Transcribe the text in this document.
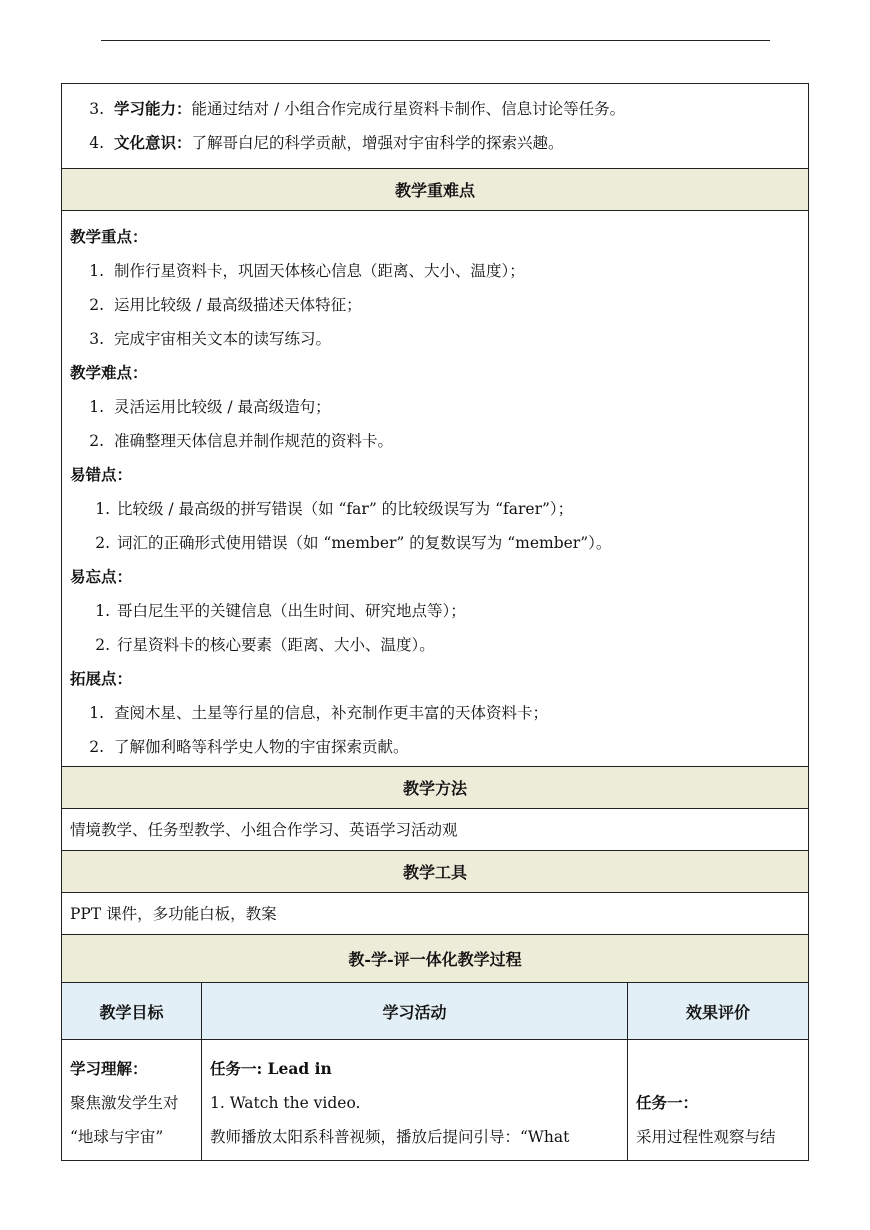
3. 学习能力：能通过结对 / 小组合作完成行星资料卡制作、信息讨论等任务。
4. 文化意识：了解哥白尼的科学贡献，增强对宇宙科学的探索兴趣。
教学重难点
教学重点：
1. 制作行星资料卡，巩固天体核心信息（距离、大小、温度）；
2. 运用比较级 / 最高级描述天体特征；
3. 完成宇宙相关文本的读写练习。
教学难点：
1. 灵活运用比较级 / 最高级造句；
2. 准确整理天体信息并制作规范的资料卡。
易错点：
1. 比较级 / 最高级的拼写错误（如 “far” 的比较级误写为 “farer”）；
2. 词汇的正确形式使用错误（如 “member” 的复数误写为 “member”）。
易忘点：
1. 哥白尼生平的关键信息（出生时间、研究地点等）；
2. 行星资料卡的核心要素（距离、大小、温度）。
拓展点：
1. 查阅木星、土星等行星的信息，补充制作更丰富的天体资料卡；
2. 了解伽利略等科学史人物的宇宙探索贡献。
教学方法
情境教学、任务型教学、小组合作学习、英语学习活动观
教学工具
PPT 课件，多功能白板，教案
教-学-评一体化教学过程
教学目标	学习活动	效果评价
学习理解：
聚焦激发学生对
“地球与宇宙”
任务一: Lead in
1. Watch the video.
教师播放太阳系科普视频，播放后提问引导：“What
任务一：
采用过程性观察与结
